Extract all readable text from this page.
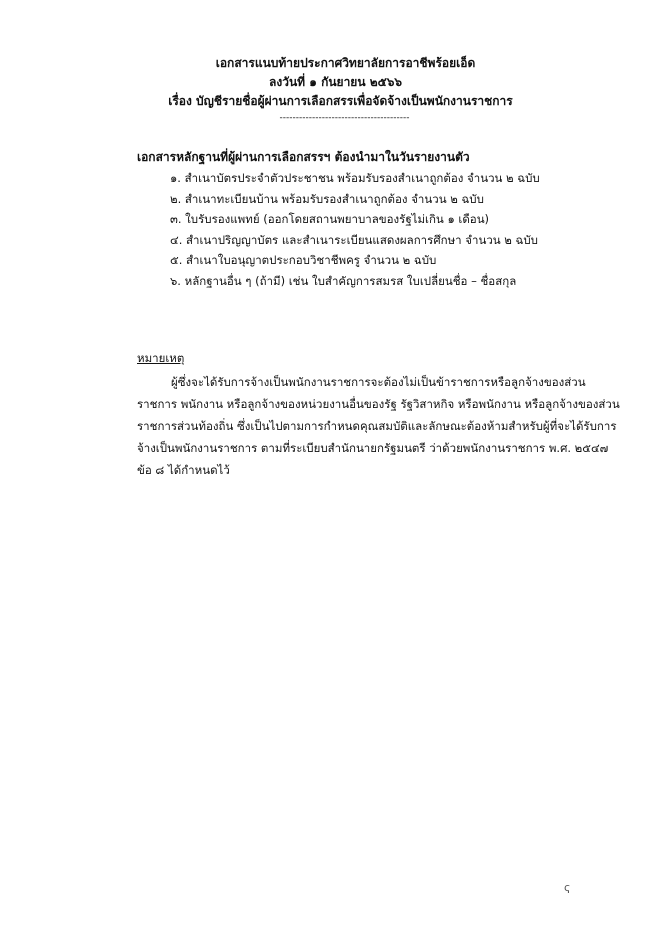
เอกสารแนบท้ายประกาศวิทยาลัยการอาชีพร้อยเอ็ด
ลงวันที่ ๑ กันยายน ๒๕๖๖
เรื่อง บัญชีรายชื่อผู้ผ่านการเลือกสรรเพื่อจัดจ้างเป็นพนักงานราชการ
----------------------------------------
เอกสารหลักฐานที่ผู้ผ่านการเลือกสรรฯ ต้องนำมาในวันรายงานตัว
๑. สำเนาบัตรประจำตัวประชาชน พร้อมรับรองสำเนาถูกต้อง จำนวน ๒ ฉบับ
๒. สำเนาทะเบียนบ้าน พร้อมรับรองสำเนาถูกต้อง จำนวน ๒ ฉบับ
๓. ใบรับรองแพทย์ (ออกโดยสถานพยาบาลของรัฐไม่เกิน ๑ เดือน)
๔. สำเนาปริญญาบัตร และสำเนาระเบียนแสดงผลการศึกษา จำนวน ๒ ฉบับ
๕. สำเนาใบอนุญาตประกอบวิชาชีพครู จำนวน ๒ ฉบับ
๖. หลักฐานอื่น ๆ (ถ้ามี) เช่น ใบสำคัญการสมรส ใบเปลี่ยนชื่อ – ชื่อสกุล
หมายเหตุ
ผู้ซึ่งจะได้รับการจ้างเป็นพนักงานราชการจะต้องไม่เป็นข้าราชการหรือลูกจ้างของส่วน
ราชการ พนักงาน หรือลูกจ้างของหน่วยงานอื่นของรัฐ รัฐวิสาหกิจ หรือพนักงาน หรือลูกจ้างของส่วน
ราชการส่วนท้องถิ่น ซึ่งเป็นไปตามการกำหนดคุณสมบัติและลักษณะต้องห้ามสำหรับผู้ที่จะได้รับการ
จ้างเป็นพนักงานราชการ ตามที่ระเบียบสำนักนายกรัฐมนตรี ว่าด้วยพนักงานราชการ พ.ศ. ๒๕๔๗
ข้อ ๘ ได้กำหนดไว้
ҁ
